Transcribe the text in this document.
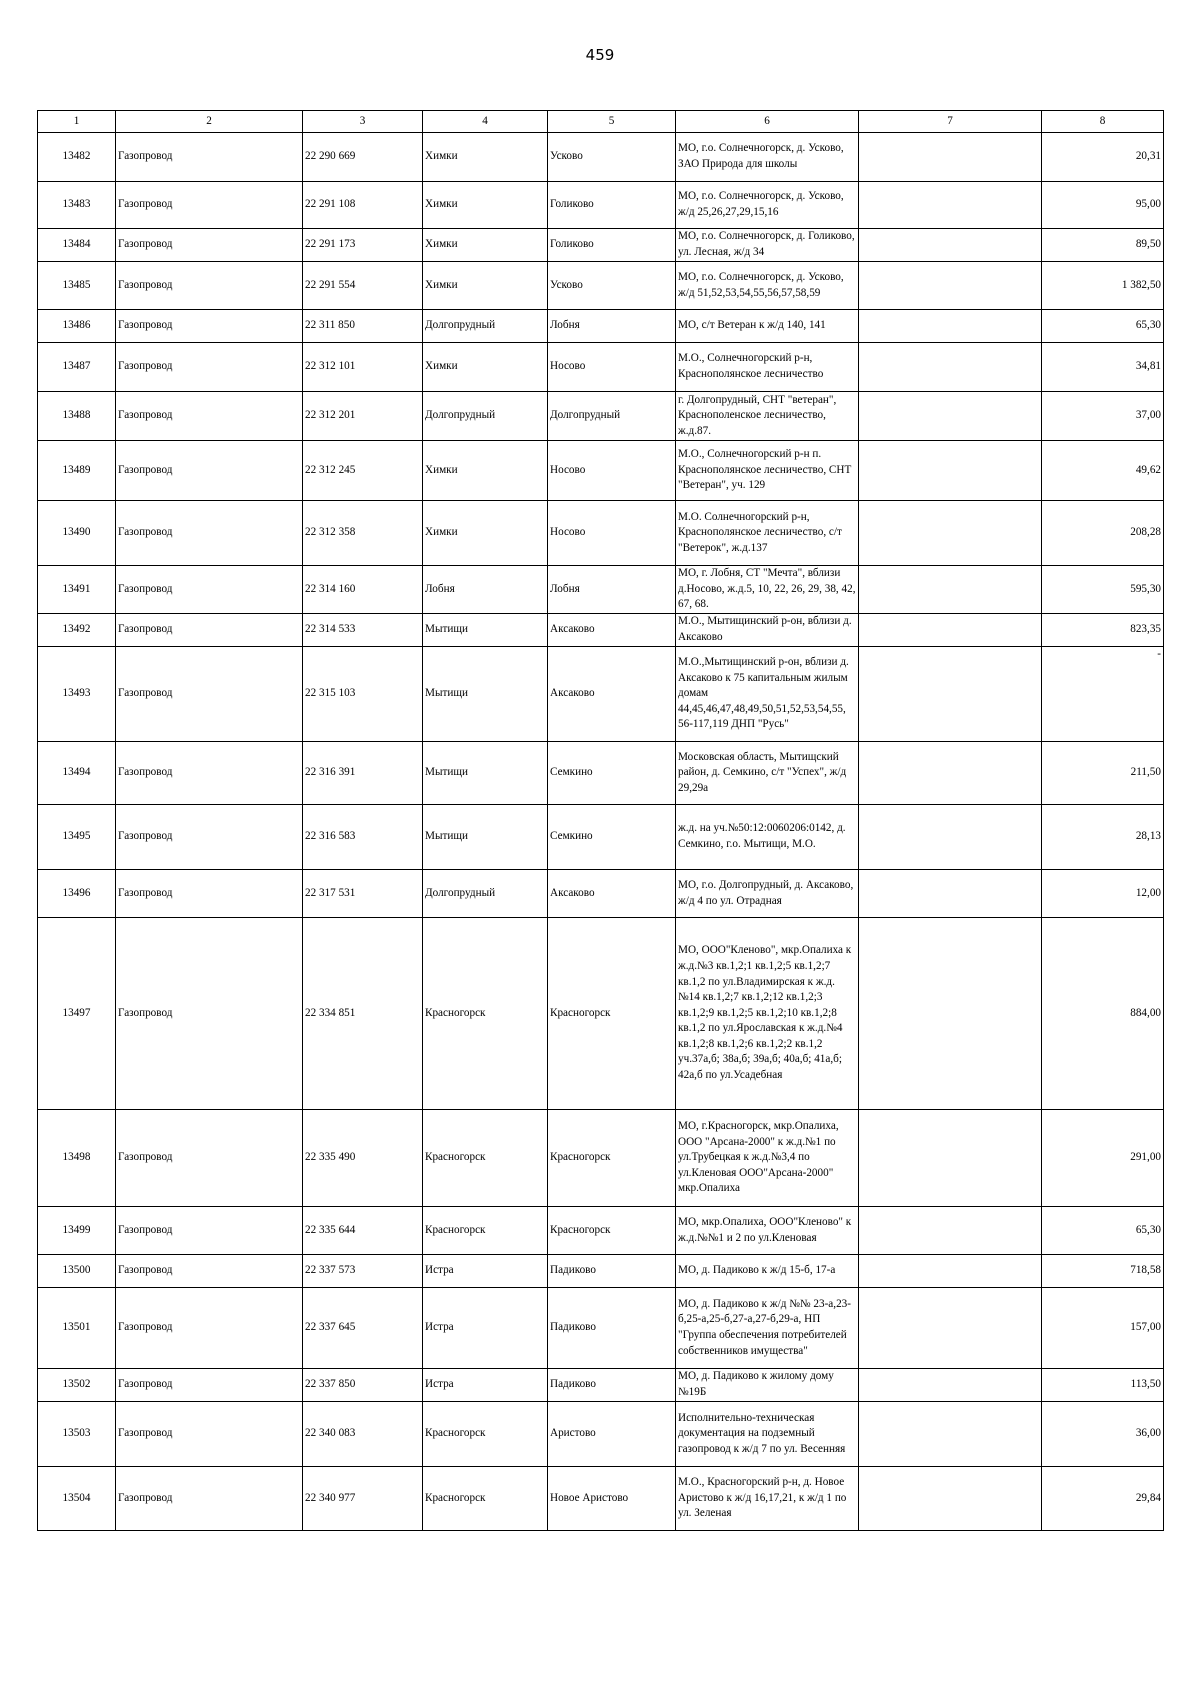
459
1	2	3	4	5	6	7	8
13482	Газопровод	22 290 669	Химки	Усково	МО, г.о. Солнечногорск, д. Усково, ЗАО Природа для школы		20,31
13483	Газопровод	22 291 108	Химки	Голиково	МО, г.о. Солнечногорск, д. Усково, ж/д 25,26,27,29,15,16		95,00
13484	Газопровод	22 291 173	Химки	Голиково	МО, г.о. Солнечногорск, д. Голиково, ул. Лесная, ж/д 34		89,50
13485	Газопровод	22 291 554	Химки	Усково	МО, г.о. Солнечногорск, д. Усково, ж/д 51,52,53,54,55,56,57,58,59		1 382,50
13486	Газопровод	22 311 850	Долгопрудный	Лобня	МО, с/т Ветеран к ж/д 140, 141		65,30
13487	Газопровод	22 312 101	Химки	Носово	М.О., Солнечногорский р-н, Краснополянское лесничество		34,81
13488	Газопровод	22 312 201	Долгопрудный	Долгопрудный	г. Долгопрудный, СНТ "ветеран", Краснополенское лесничество, ж.д.87.		37,00
13489	Газопровод	22 312 245	Химки	Носово	М.О., Солнечногорский р-н п. Краснополянское лесничество, СНТ "Ветеран", уч. 129		49,62
13490	Газопровод	22 312 358	Химки	Носово	М.О. Солнечногорский р-н, Краснополянское лесничество, с/т "Ветерок", ж.д.137		208,28
13491	Газопровод	22 314 160	Лобня	Лобня	МО, г. Лобня, СТ "Мечта", вблизи д.Носово, ж.д.5, 10, 22, 26, 29, 38, 42, 67, 68.		595,30
13492	Газопровод	22 314 533	Мытищи	Аксаково	М.О., Мытищинский р-он, вблизи д. Аксаково		823,35
13493	Газопровод	22 315 103	Мытищи	Аксаково	М.О.,Мытищинский р-он, вблизи д. Аксаково к 75 капитальным жилым домам 44,45,46,47,48,49,50,51,52,53,54,55, 56-117,119 ДНП "Русь"		-
13494	Газопровод	22 316 391	Мытищи	Семкино	Московская область, Мытищский район, д. Семкино, с/т "Успех", ж/д 29,29а		211,50
13495	Газопровод	22 316 583	Мытищи	Семкино	ж.д. на уч.№50:12:0060206:0142, д. Семкино, г.о. Мытищи, М.О.		28,13
13496	Газопровод	22 317 531	Долгопрудный	Аксаково	МО, г.о. Долгопрудный, д. Аксаково, ж/д 4 по ул. Отрадная		12,00
13497	Газопровод	22 334 851	Красногорск	Красногорск	МО, ООО"Кленово", мкр.Опалиха к ж.д.№3 кв.1,2;1 кв.1,2;5 кв.1,2;7 кв.1,2 по ул.Владимирская к ж.д.№14 кв.1,2;7 кв.1,2;12 кв.1,2;3 кв.1,2;9 кв.1,2;5 кв.1,2;10 кв.1,2;8 кв.1,2 по ул.Ярославская к ж.д.№4 кв.1,2;8 кв.1,2;6 кв.1,2;2 кв.1,2 уч.37а,б; 38а,б; 39а,б; 40а,б; 41а,б; 42а,б по ул.Усадебная		884,00
13498	Газопровод	22 335 490	Красногорск	Красногорск	МО, г.Красногорск, мкр.Опалиха, ООО "Арсана-2000" к ж.д.№1 по ул.Трубецкая к ж.д.№3,4 по ул.Кленовая ООО"Арсана-2000" мкр.Опалиха		291,00
13499	Газопровод	22 335 644	Красногорск	Красногорск	МО, мкр.Опалиха, ООО"Кленово" к ж.д.№№1 и 2 по ул.Кленовая		65,30
13500	Газопровод	22 337 573	Истра	Падиково	МО, д. Падиково к ж/д 15-б, 17-а		718,58
13501	Газопровод	22 337 645	Истра	Падиково	МО, д. Падиково к ж/д №№ 23-а,23-б,25-а,25-б,27-а,27-б,29-а, НП "Группа обеспечения потребителей собственников имущества"		157,00
13502	Газопровод	22 337 850	Истра	Падиково	МО, д. Падиково к жилому дому №19Б		113,50
13503	Газопровод	22 340 083	Красногорск	Аристово	Исполнительно-техническая документация на подземный газопровод к ж/д 7 по ул. Весенняя		36,00
13504	Газопровод	22 340 977	Красногорск	Новое Аристово	М.О., Красногорский р-н, д. Новое Аристово к ж/д 16,17,21, к ж/д 1 по ул. Зеленая		29,84
